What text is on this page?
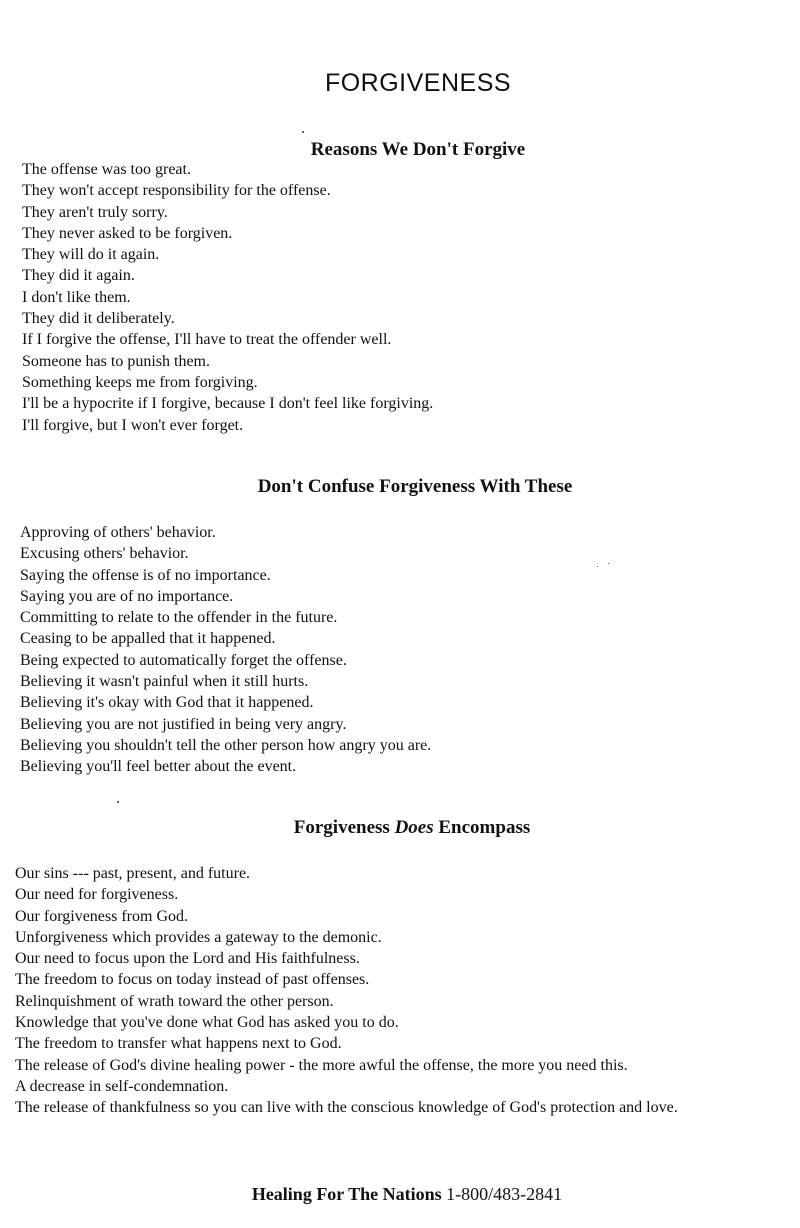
FORGIVENESS
Reasons We Don't Forgive
The offense was too great.
They won't accept responsibility for the offense.
They aren't truly sorry.
They never asked to be forgiven.
They will do it again.
They did it again.
I don't like them.
They did it deliberately.
If I forgive the offense, I'll have to treat the offender well.
Someone has to punish them.
Something keeps me from forgiving.
I'll be a hypocrite if I forgive, because I don't feel like forgiving.
I'll forgive, but I won't ever forget.
Don't Confuse Forgiveness With These
Approving of others' behavior.
Excusing others' behavior.
Saying the offense is of no importance.
Saying you are of no importance.
Committing to relate to the offender in the future.
Ceasing to be appalled that it happened.
Being expected to automatically forget the offense.
Believing it wasn't painful when it still hurts.
Believing it's okay with God that it happened.
Believing you are not justified in being very angry.
Believing you shouldn't tell the other person how angry you are.
Believing you'll feel better about the event.
Forgiveness Does Encompass
Our sins --- past, present, and future.
Our need for forgiveness.
Our forgiveness from God.
Unforgiveness which provides a gateway to the demonic.
Our need to focus upon the Lord and His faithfulness.
The freedom to focus on today instead of past offenses.
Relinquishment of wrath toward the other person.
Knowledge that you've done what God has asked you to do.
The freedom to transfer what happens next to God.
The release of God's divine healing power - the more awful the offense, the more you need this.
A decrease in self-condemnation.
The release of thankfulness so you can live with the conscious knowledge of God's protection and love.
Healing For The Nations 1-800/483-2841
